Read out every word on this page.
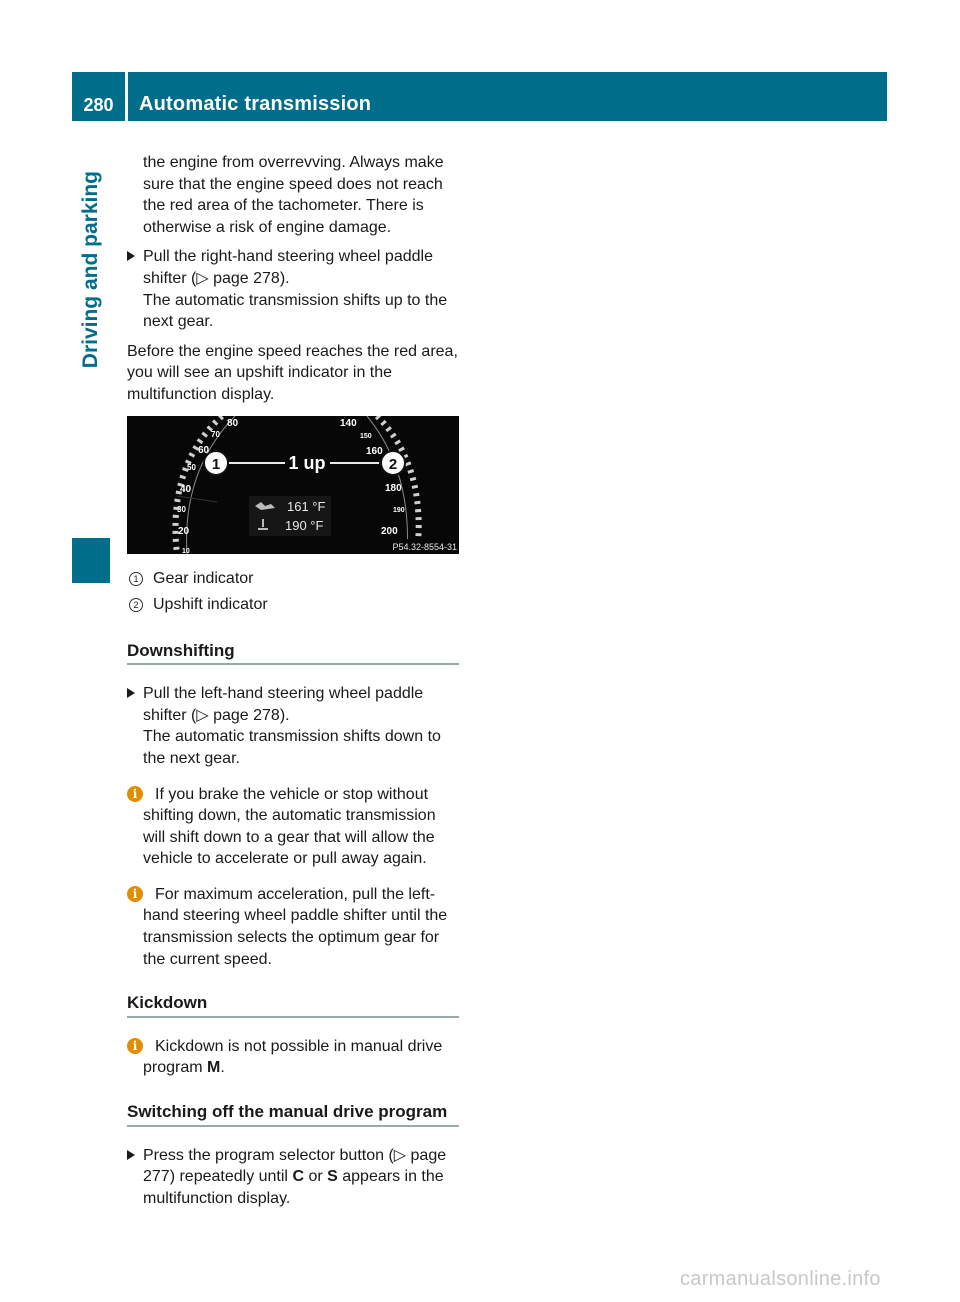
280	Automatic transmission
Driving and parking

the engine from overrevving. Always make sure that the engine speed does not reach the red area of the tachometer. There is otherwise a risk of engine damage.

Pull the right-hand steering wheel paddle shifter (▷ page 278).
The automatic transmission shifts up to the next gear.

Before the engine speed reaches the red area, you will see an upshift indicator in the multifunction display.

1	2
1 up
80
70
60
50
40
30
20
10
140
150
160
180
190
200
161 °F
190 °F
P54.32-8554-31
1 Gear indicator
2 Upshift indicator
Downshifting

Pull the left-hand steering wheel paddle shifter (▷ page 278).
The automatic transmission shifts down to the next gear.

i	If you brake the vehicle or stop without shifting down, the automatic transmission will shift down to a gear that will allow the vehicle to accelerate or pull away again.

i	For maximum acceleration, pull the left-hand steering wheel paddle shifter until the transmission selects the optimum gear for the current speed.

Kickdown

i	Kickdown is not possible in manual drive program M.

Switching off the manual drive program

Press the program selector button (▷ page 277) repeatedly until C or S appears in the multifunction display.

carmanualsonline.info
